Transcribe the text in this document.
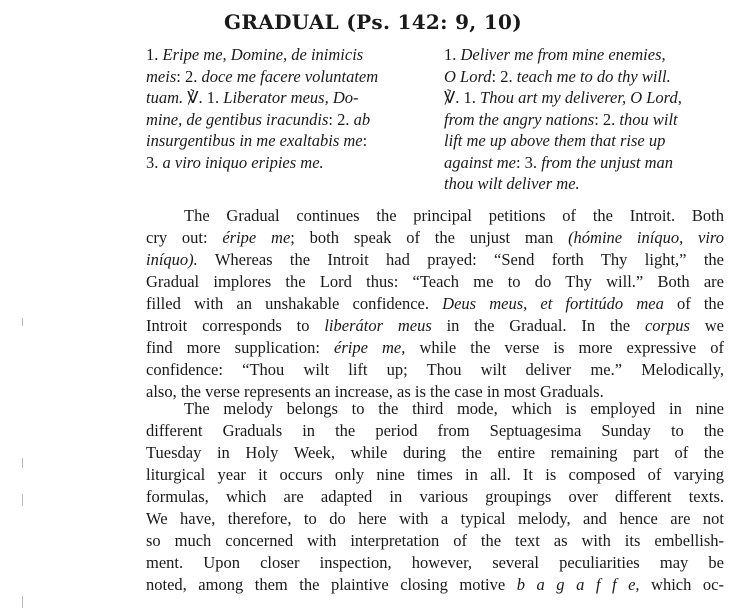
GRADUAL (Ps. 142: 9, 10)
1. Eripe me, Domine, de inimicis
meis: 2. doce me facere voluntatem
tuam. ℣. 1. Liberator meus, Do-
mine, de gentibus iracundis: 2. ab
insurgentibus in me exaltabis me:
3. a viro iniquo eripies me.
1. Deliver me from mine enemies,
O Lord: 2. teach me to do thy will.
℣. 1. Thou art my deliverer, O Lord,
from the angry nations: 2. thou wilt
lift me up above them that rise up
against me: 3. from the unjust man
thou wilt deliver me.
The Gradual continues the principal petitions of the Introit. Both
cry out: éripe me; both speak of the unjust man (hómine iníquo, viro
iníquo). Whereas the Introit had prayed: “Send forth Thy light,” the
Gradual implores the Lord thus: “Teach me to do Thy will.” Both are
filled with an unshakable confidence. Deus meus, et fortitúdo mea of the
Introit corresponds to liberátor meus in the Gradual. In the corpus we
find more supplication: éripe me, while the verse is more expressive of
confidence: “Thou wilt lift up; Thou wilt deliver me.” Melodically,
also, the verse represents an increase, as is the case in most Graduals.
The melody belongs to the third mode, which is employed in nine
different Graduals in the period from Septuagesima Sunday to the
Tuesday in Holy Week, while during the entire remaining part of the
liturgical year it occurs only nine times in all. It is composed of varying
formulas, which are adapted in various groupings over different texts.
We have, therefore, to do here with a typical melody, and hence are not
so much concerned with interpretation of the text as with its embellish-
ment. Upon closer inspection, however, several peculiarities may be
noted, among them the plaintive closing motive b a g a f f e, which oc-
